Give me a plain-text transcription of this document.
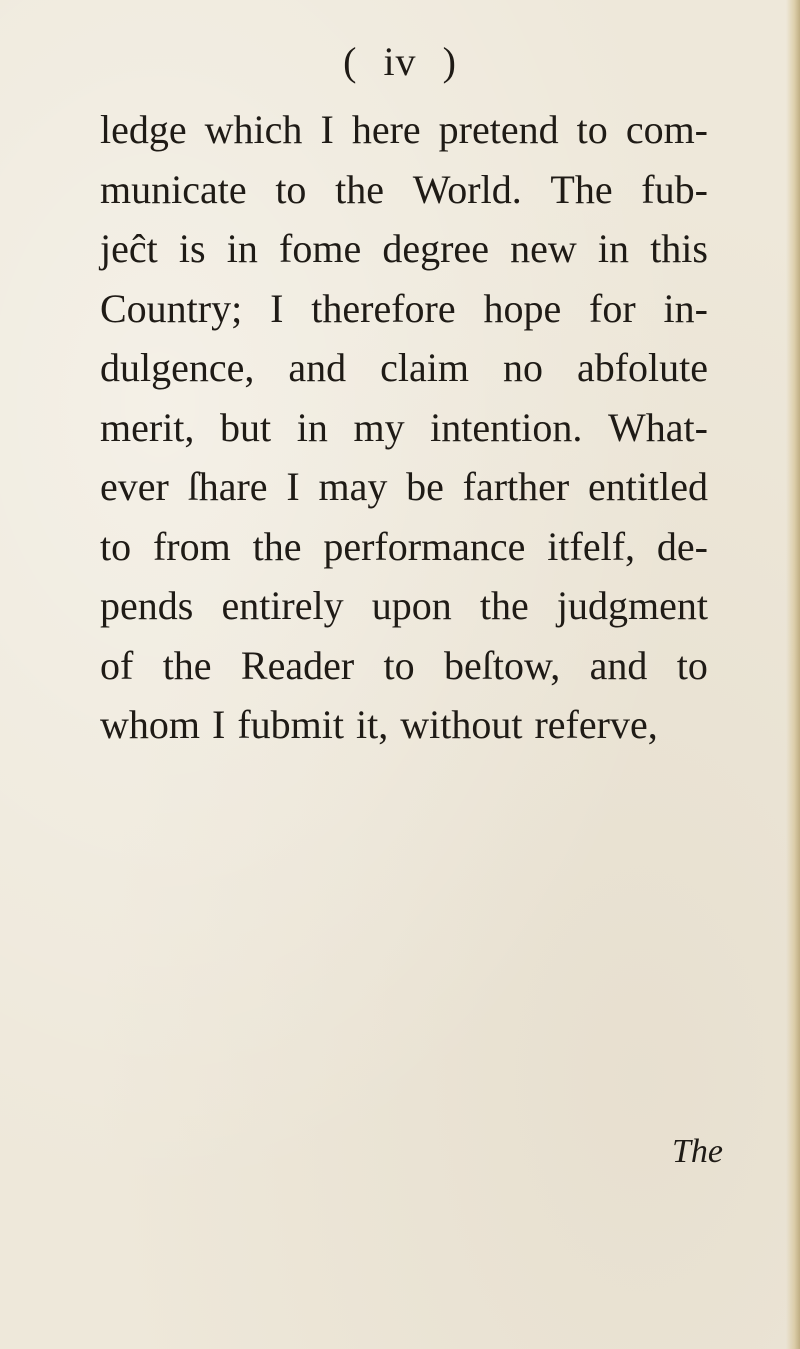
( iv )
ledge which I here pretend to com-
municate to the World. The fub-
jeĉt is in fome degree new in this
Country; I therefore hope for in-
dulgence, and claim no abfolute
merit, but in my intention. What-
ever ſhare I may be farther entitled
to from the performance itfelf, de-
pends entirely upon the judgment
of the Reader to beſtow, and to
whom I fubmit it, without referve,
The
